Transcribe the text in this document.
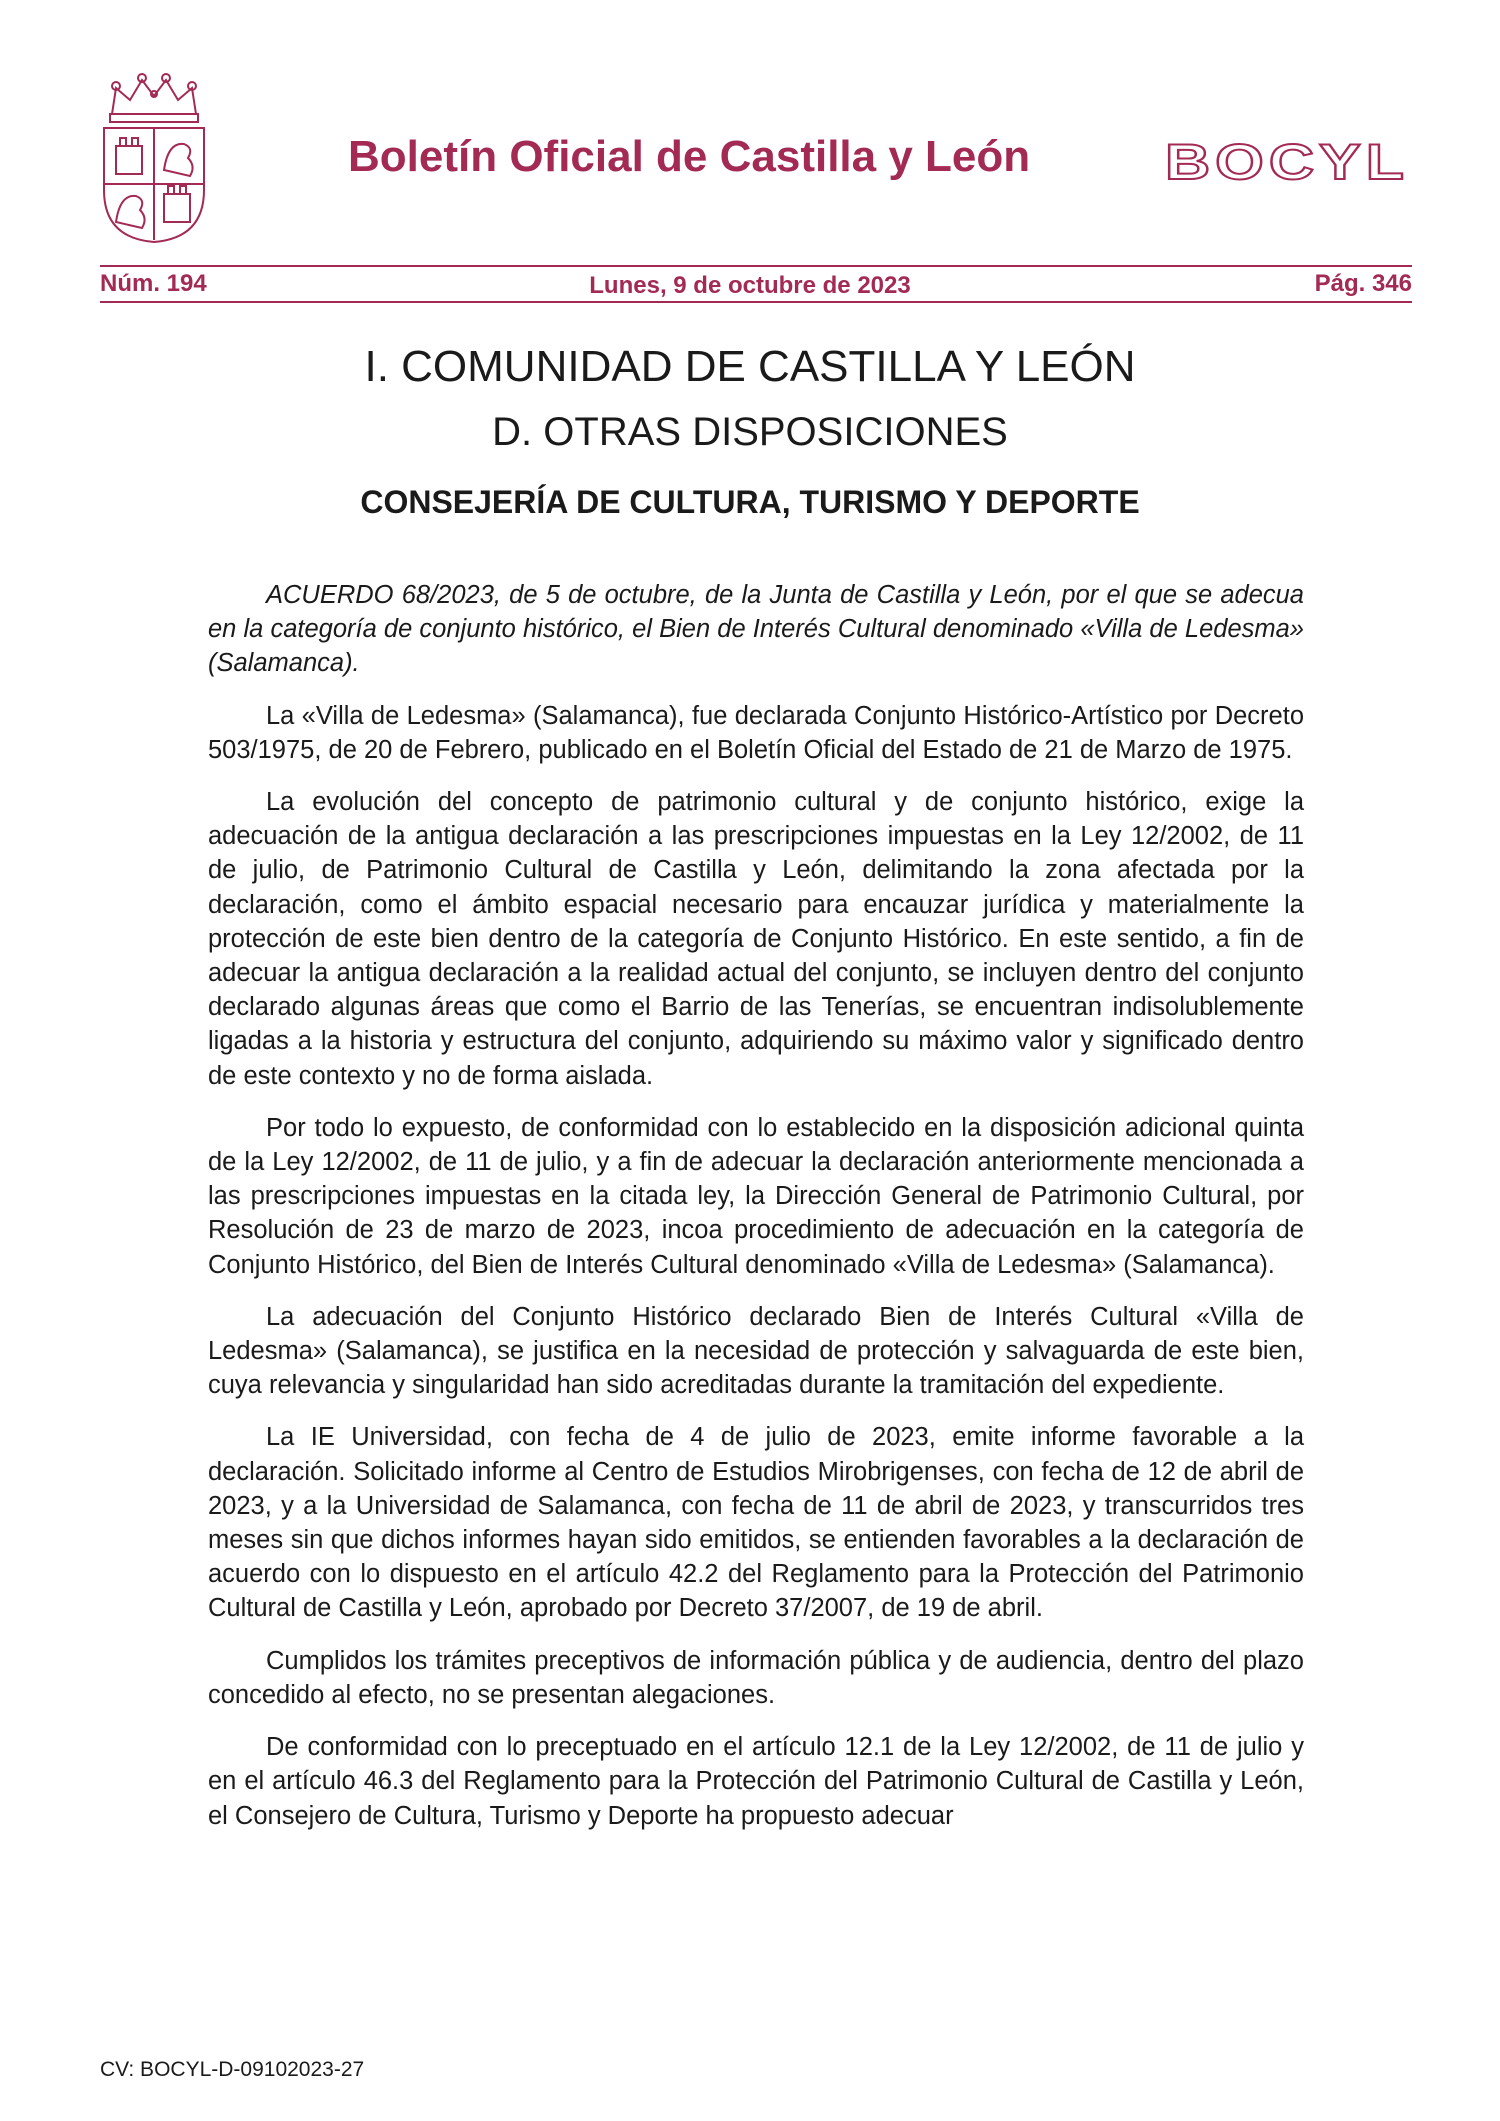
Boletín Oficial de Castilla y León	BOCYL
Núm. 194	Lunes, 9 de octubre de 2023	Pág. 346
I. COMUNIDAD DE CASTILLA Y LEÓN
D. OTRAS DISPOSICIONES
CONSEJERÍA DE CULTURA, TURISMO Y DEPORTE

ACUERDO 68/2023, de 5 de octubre, de la Junta de Castilla y León, por el que se adecua en la categoría de conjunto histórico, el Bien de Interés Cultural denominado «Villa de Ledesma» (Salamanca).

La «Villa de Ledesma» (Salamanca), fue declarada Conjunto Histórico-Artístico por Decreto 503/1975, de 20 de Febrero, publicado en el Boletín Oficial del Estado de 21 de Marzo de 1975.

La evolución del concepto de patrimonio cultural y de conjunto histórico, exige la adecuación de la antigua declaración a las prescripciones impuestas en la Ley 12/2002, de 11 de julio, de Patrimonio Cultural de Castilla y León, delimitando la zona afectada por la declaración, como el ámbito espacial necesario para encauzar jurídica y materialmente la protección de este bien dentro de la categoría de Conjunto Histórico. En este sentido, a fin de adecuar la antigua declaración a la realidad actual del conjunto, se incluyen dentro del conjunto declarado algunas áreas que como el Barrio de las Tenerías, se encuentran indisolublemente ligadas a la historia y estructura del conjunto, adquiriendo su máximo valor y significado dentro de este contexto y no de forma aislada.

Por todo lo expuesto, de conformidad con lo establecido en la disposición adicional quinta de la Ley 12/2002, de 11 de julio, y a fin de adecuar la declaración anteriormente mencionada a las prescripciones impuestas en la citada ley, la Dirección General de Patrimonio Cultural, por Resolución de 23 de marzo de 2023, incoa procedimiento de adecuación en la categoría de Conjunto Histórico, del Bien de Interés Cultural denominado «Villa de Ledesma» (Salamanca).

La adecuación del Conjunto Histórico declarado Bien de Interés Cultural «Villa de Ledesma» (Salamanca), se justifica en la necesidad de protección y salvaguarda de este bien, cuya relevancia y singularidad han sido acreditadas durante la tramitación del expediente.

La IE Universidad, con fecha de 4 de julio de 2023, emite informe favorable a la declaración. Solicitado informe al Centro de Estudios Mirobrigenses, con fecha de 12 de abril de 2023, y a la Universidad de Salamanca, con fecha de 11 de abril de 2023, y transcurridos tres meses sin que dichos informes hayan sido emitidos, se entienden favorables a la declaración de acuerdo con lo dispuesto en el artículo 42.2 del Reglamento para la Protección del Patrimonio Cultural de Castilla y León, aprobado por Decreto 37/2007, de 19 de abril.

Cumplidos los trámites preceptivos de información pública y de audiencia, dentro del plazo concedido al efecto, no se presentan alegaciones.

De conformidad con lo preceptuado en el artículo 12.1 de la Ley 12/2002, de 11 de julio y en el artículo 46.3 del Reglamento para la Protección del Patrimonio Cultural de Castilla y León, el Consejero de Cultura, Turismo y Deporte ha propuesto adecuar

CV: BOCYL-D-09102023-27
